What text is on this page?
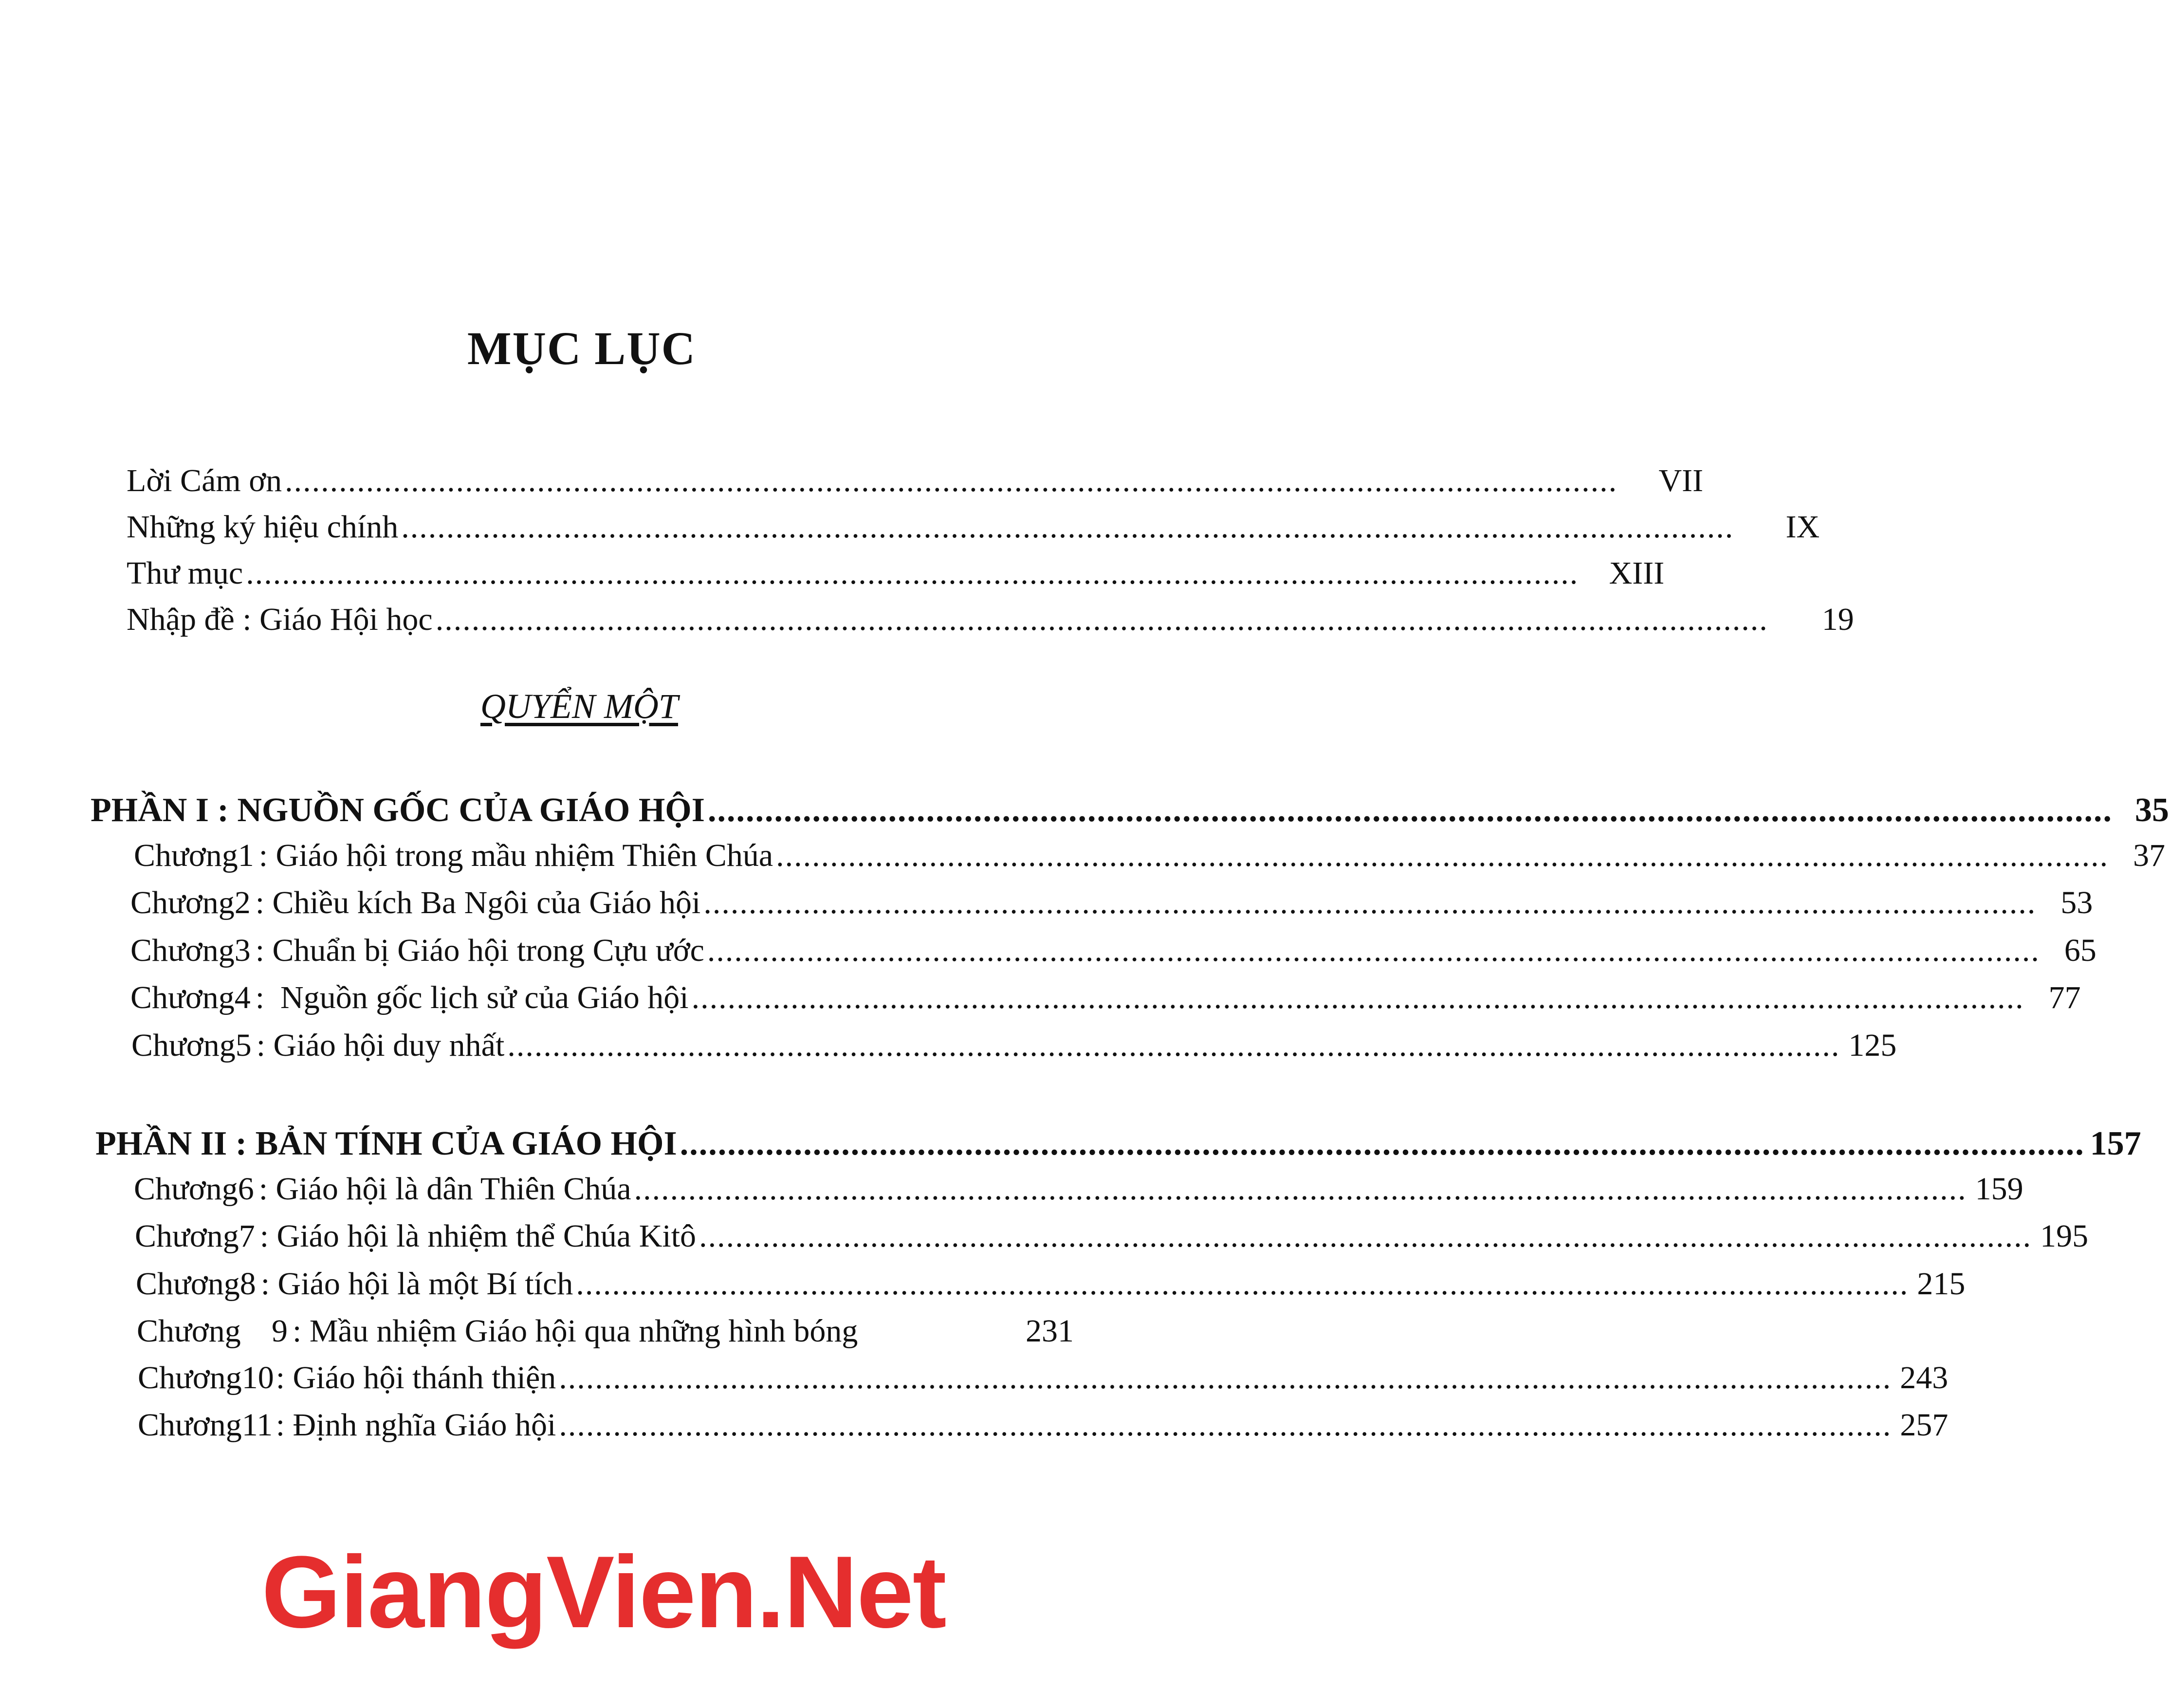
MỤC LỤC
Lời Cám ơn ....................................................................................................................................................	VII
Những ký hiệu chính ....................................................................................................................................................	IX
Thư mục .................................................................................................................................................... XIII
Nhập đề : Giáo Hội học ....................................................................................................................................................	19
QUYỂN MỘT
PHẦN I : NGUỒN GỐC CỦA GIÁO HỘI .................................................................................................................................................... 35
Chương 1 : Giáo hội trong mầu nhiệm Thiên Chúa .................................................................................................................................................... 37
Chương 2 : Chiều kích Ba Ngôi của Giáo hội .................................................................................................................................................... 53
Chương 3 : Chuẩn bị Giáo hội trong Cựu ước .................................................................................................................................................... 65
Chương 4 :  Nguồn gốc lịch sử của Giáo hội .................................................................................................................................................... 77
Chương 5 : Giáo hội duy nhất .................................................................................................................................................... 125
PHẦN II : BẢN TÍNH CỦA GIÁO HỘI .................................................................................................................................................... 157
Chương 6 : Giáo hội là dân Thiên Chúa .................................................................................................................................................... 159
Chương 7 : Giáo hội là nhiệm thể Chúa Kitô .................................................................................................................................................... 195
Chương 8 : Giáo hội là một Bí tích .................................................................................................................................................... 215
Chương 9 : Mầu nhiệm Giáo hội qua những hình bóng	231
Chương 10 : Giáo hội thánh thiện .................................................................................................................................................... 243
Chương 11 : Định nghĩa Giáo hội .................................................................................................................................................... 257
GiangVien.Net
